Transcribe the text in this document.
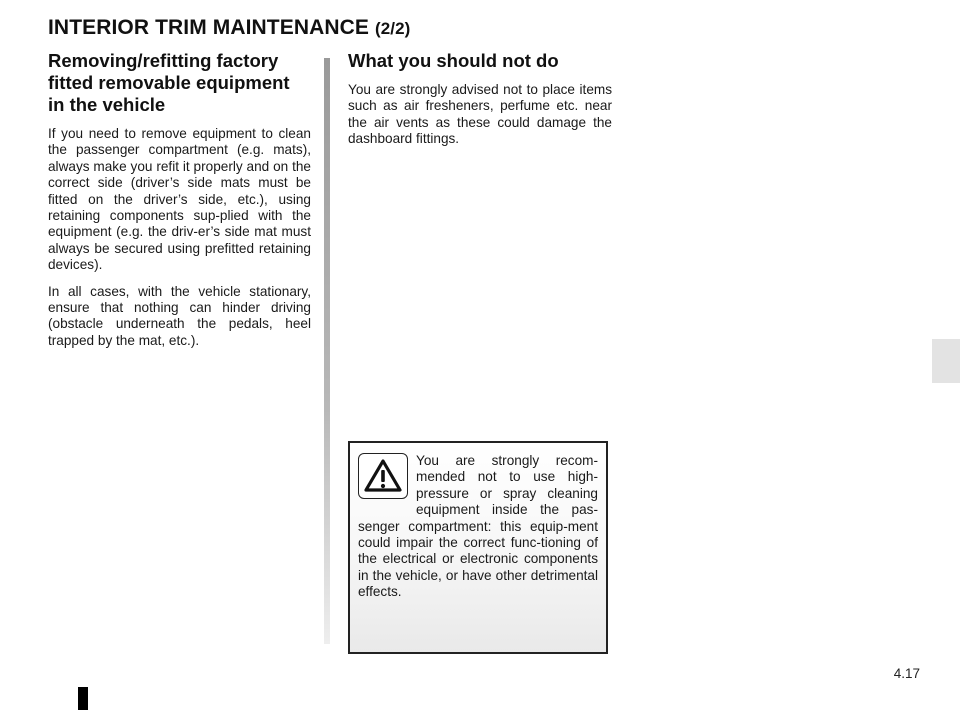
INTERIOR TRIM MAINTENANCE (2/2)
Removing/refitting factory fitted removable equipment in the vehicle

If you need to remove equipment to clean the passenger compartment (e.g. mats), always make you refit it properly and on the correct side (driver’s side mats must be fitted on the driver’s side, etc.), using retaining components sup-plied with the equipment (e.g. the driv-er’s side mat must always be secured using prefitted retaining devices).

In all cases, with the vehicle stationary, ensure that nothing can hinder driving (obstacle underneath the pedals, heel trapped by the mat, etc.).

What you should not do

You are strongly advised not to place items such as air fresheners, perfume etc. near the air vents as these could damage the dashboard fittings.

You are strongly recom-mended not to use high-pressure or spray cleaning equipment inside the pas-senger compartment: this equip-ment could impair the correct func-tioning of the electrical or electronic components in the vehicle, or have other detrimental effects.

4.17
